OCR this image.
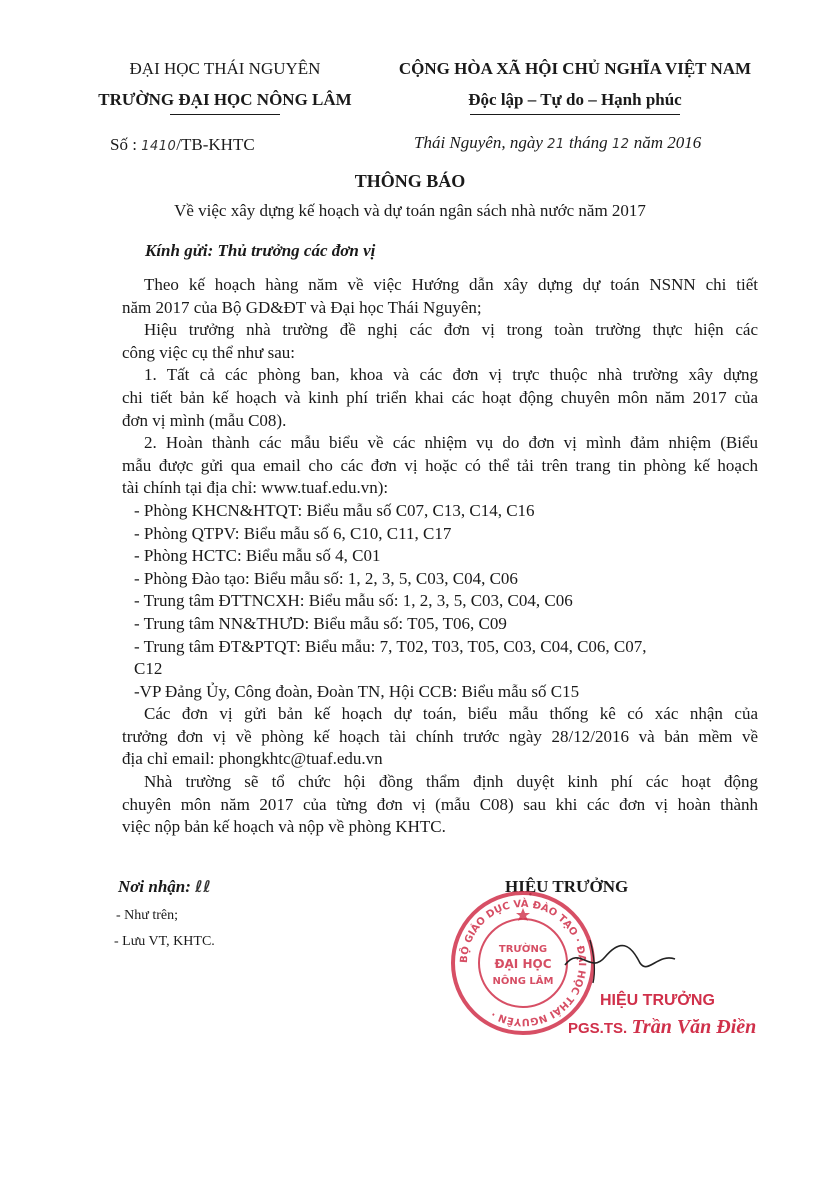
ĐẠI HỌC THÁI NGUYÊN
TRƯỜNG ĐẠI HỌC NÔNG LÂM
Số : 1410/TB-KHTC
CỘNG HÒA XÃ HỘI CHỦ NGHĨA VIỆT NAM
Độc lập – Tự do – Hạnh phúc
Thái Nguyên, ngày 21 tháng 12 năm 2016
THÔNG BÁO
Về việc xây dựng kế hoạch và dự toán ngân sách nhà nước năm 2017
Kính gửi: Thủ trưởng các đơn vị
Theo kế hoạch hàng năm về việc Hướng dẫn xây dựng dự toán NSNN chi tiết
năm 2017 của Bộ GD&ĐT và Đại học Thái Nguyên;
Hiệu trưởng nhà trường đề nghị các đơn vị trong toàn trường thực hiện các
công việc cụ thể như sau:
1. Tất cả các phòng ban, khoa và các đơn vị trực thuộc nhà trường xây dựng
chi tiết bản kế hoạch và kinh phí triển khai các hoạt động chuyên môn năm 2017 của
đơn vị mình (mẫu C08).
2. Hoàn thành các mẫu biểu về các nhiệm vụ do đơn vị mình đảm nhiệm (Biểu
mẫu được gửi qua email cho các đơn vị hoặc có thể tải trên trang tin phòng kế hoạch
tài chính tại địa chỉ: www.tuaf.edu.vn):
- Phòng KHCN&HTQT: Biểu mẫu số C07, C13, C14, C16
- Phòng QTPV: Biểu mẫu số 6, C10, C11, C17
- Phòng HCTC: Biểu mẫu số 4, C01
- Phòng Đào tạo: Biểu mẫu số: 1, 2, 3, 5, C03, C04, C06
- Trung tâm ĐTTNCXH: Biểu mẫu số: 1, 2, 3, 5, C03, C04, C06
- Trung tâm NN&THƯD: Biểu mẫu số: T05, T06, C09
- Trung tâm ĐT&PTQT: Biểu mẫu: 7, T02, T03, T05, C03, C04, C06, C07,
C12
-VP Đảng Ủy, Công đoàn, Đoàn TN, Hội CCB: Biểu mẫu số C15
Các đơn vị gửi bản kế hoạch dự toán, biểu mẫu thống kê có xác nhận của
trưởng đơn vị về phòng kế hoạch tài chính trước ngày 28/12/2016 và bản mềm về
địa chỉ email: phongkhtc@tuaf.edu.vn
Nhà trường sẽ tổ chức hội đồng thẩm định duyệt kinh phí các hoạt động
chuyên môn năm 2017 của từng đơn vị (mẫu C08) sau khi các đơn vị hoàn thành
việc nộp bản kế hoạch và nộp về phòng KHTC.
Nơi nhận: ℓℓ
- Như trên;
- Lưu VT, KHTC.
HIỆU TRƯỞNG
BỘ GIÁO DỤC VÀ ĐÀO TẠO · ĐẠI HỌC THÁI NGUYÊN ·
TRƯỜNG
ĐẠI HỌC
NÔNG LÂM
HIỆU TRƯỞNG
PGS.TS. Trần Văn Điền
